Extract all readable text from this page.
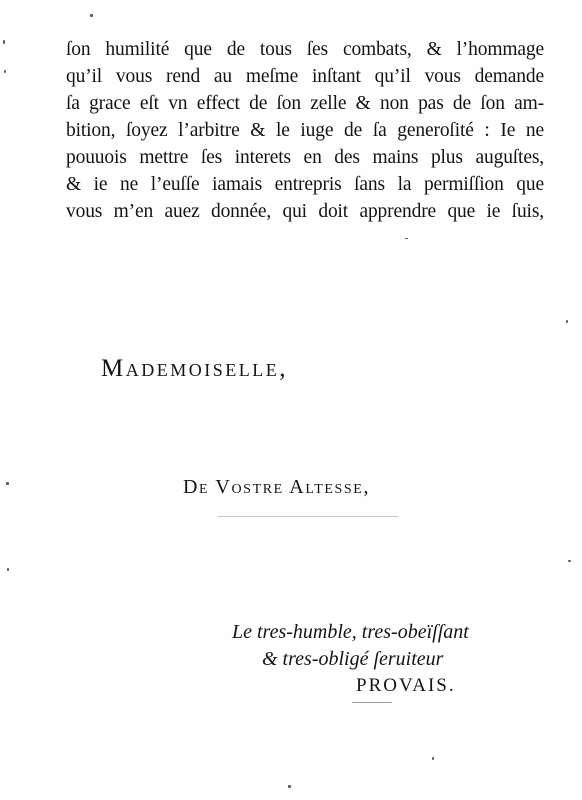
ſon humilité que de tous ſes combats, & l’hommage
qu’il vous rend au meſme inſtant qu’il vous demande
ſa grace eſt vn effect de ſon zelle & non pas de ſon am-
bition, ſoyez l’arbitre & le iuge de ſa generoſité : Ie ne
pouuois mettre ſes interets en des mains plus auguſtes,
& ie ne l’euſſe iamais entrepris ſans la permiſſion que
vous m’en auez donnée, qui doit apprendre que ie ſuis,
Mademoiselle,
De Vostre Altesse,
Le tres-humble, tres-obeïſſant
& tres-obligé ſeruiteur
PROVAIS.
